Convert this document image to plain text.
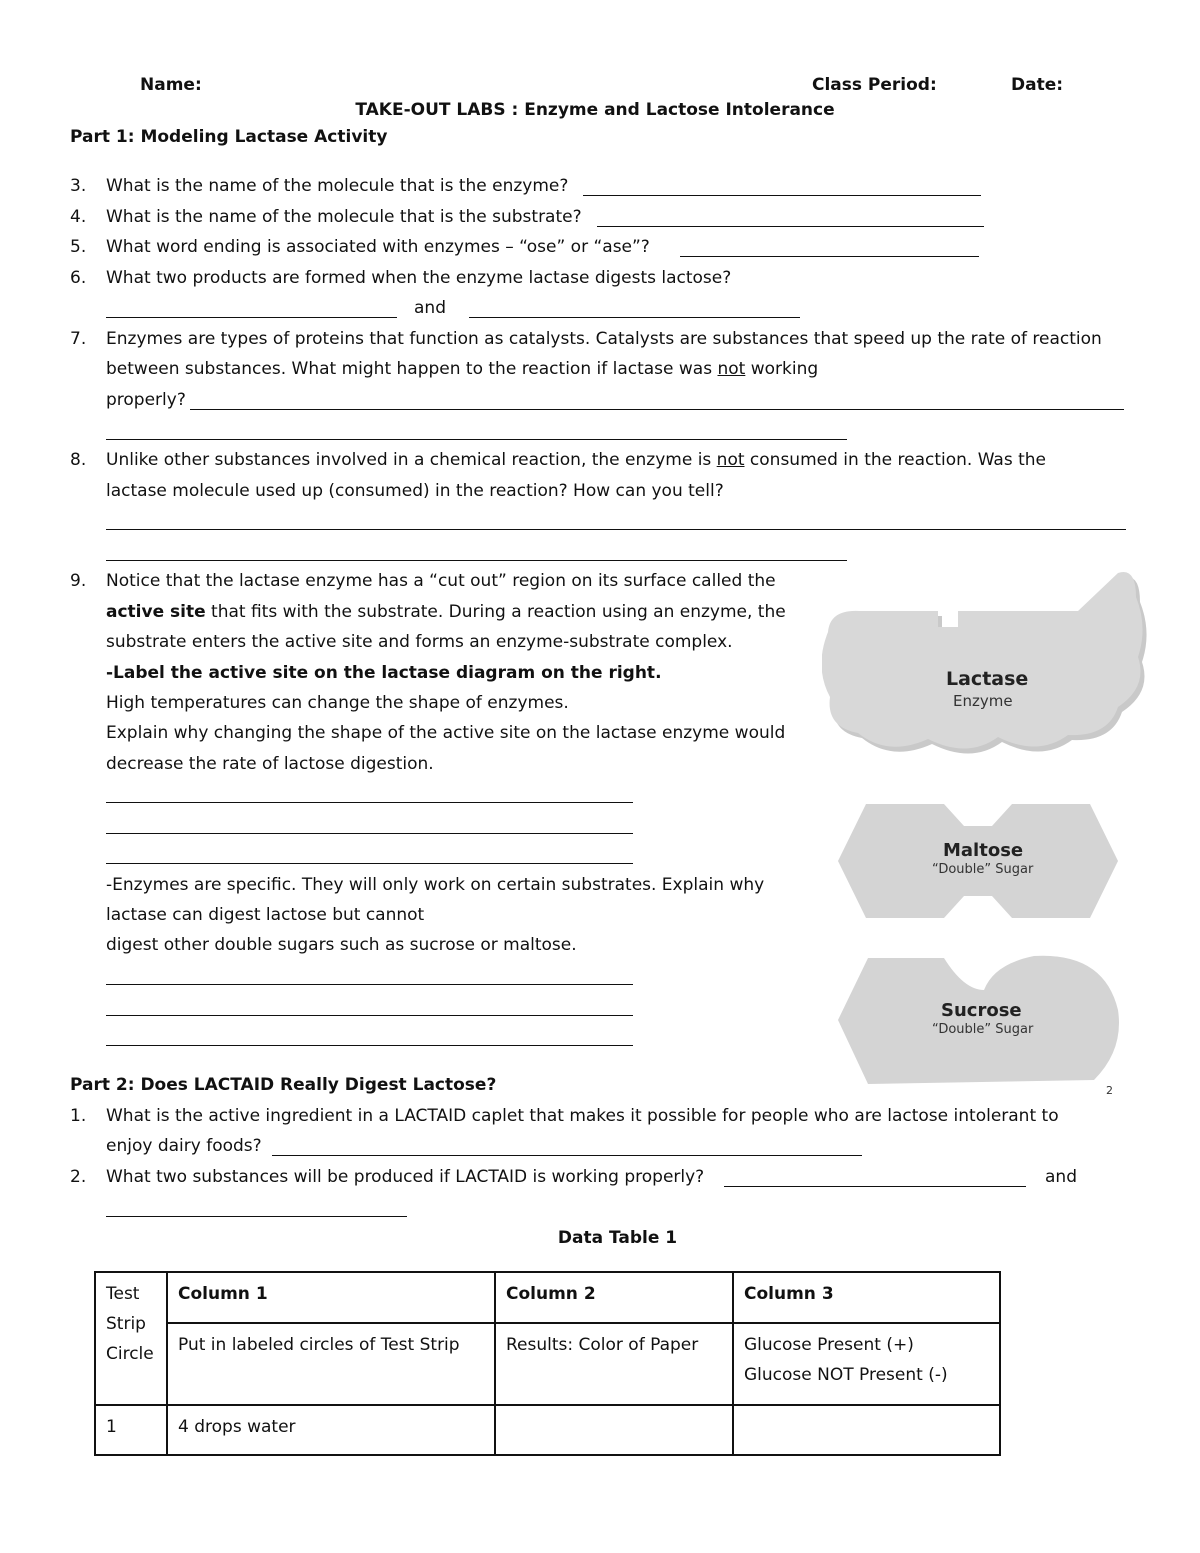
Name:	Class Period:	Date:
TAKE-OUT LABS : Enzyme and Lactose Intolerance
Part 1: Modeling Lactase Activity
3. What is the name of the molecule that is the enzyme?
4. What is the name of the molecule that is the substrate?
5. What word ending is associated with enzymes – “ose” or “ase”?
6. What two products are formed when the enzyme lactase digests lactose?
and
7. Enzymes are types of proteins that function as catalysts. Catalysts are substances that speed up the rate of reaction
between substances. What might happen to the reaction if lactase was not working
properly?
8. Unlike other substances involved in a chemical reaction, the enzyme is not consumed in the reaction. Was the
lactase molecule used up (consumed) in the reaction? How can you tell?
9. Notice that the lactase enzyme has a “cut out” region on its surface called the
active site that fits with the substrate. During a reaction using an enzyme, the
substrate enters the active site and forms an enzyme-substrate complex.
-Label the active site on the lactase diagram on the right.
High temperatures can change the shape of enzymes.
Explain why changing the shape of the active site on the lactase enzyme would
decrease the rate of lactose digestion.
-Enzymes are specific. They will only work on certain substrates. Explain why
lactase can digest lactose but cannot
digest other double sugars such as sucrose or maltose.
Lactase
Enzyme
Maltose
“Double” Sugar
Sucrose
“Double” Sugar
2
Part 2: Does LACTAID Really Digest Lactose?
1. What is the active ingredient in a LACTAID caplet that makes it possible for people who are lactose intolerant to
enjoy dairy foods?
2. What two substances will be produced if LACTAID is working properly?	and
Data Table 1
Test
Strip
Circle	Column 1	Column 2	Column 3
	Put in labeled circles of Test Strip	Results: Color of Paper	Glucose Present (+)
Glucose NOT Present (-)

1	4 drops water		
